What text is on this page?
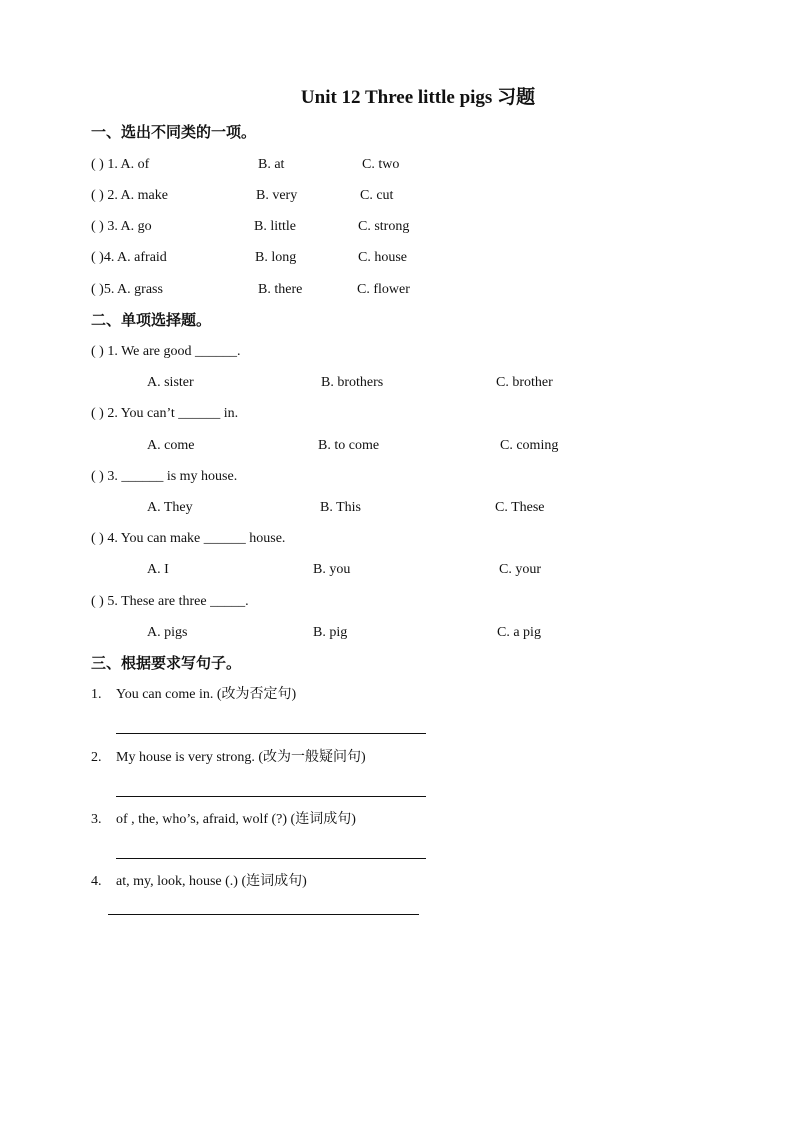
Unit 12 Three little pigs 习题
一、选出不同类的一项。
( ) 1. A. of	B. at	C. two
( ) 2. A. make	B. very	C. cut
( ) 3. A. go	B. little	C. strong
( )4. A. afraid	B. long	C. house
( )5. A. grass	B. there	C. flower
二、单项选择题。
( ) 1. We are good ______.
A. sister	B. brothers	C. brother
( ) 2. You can’t ______ in.
A. come	B. to come	C. coming
( ) 3. ______ is my house.
A. They	B. This	C. These
( ) 4. You can make ______ house.
A. I	B. you	C. your
( ) 5. These are three _____.
A. pigs	B. pig	C. a pig
三、根据要求写句子。
1. You can come in. (改为否定句)
2. My house is very strong. (改为一般疑问句)
3. of , the, who’s, afraid, wolf (?) (连词成句)
4. at, my, look, house (.) (连词成句)
